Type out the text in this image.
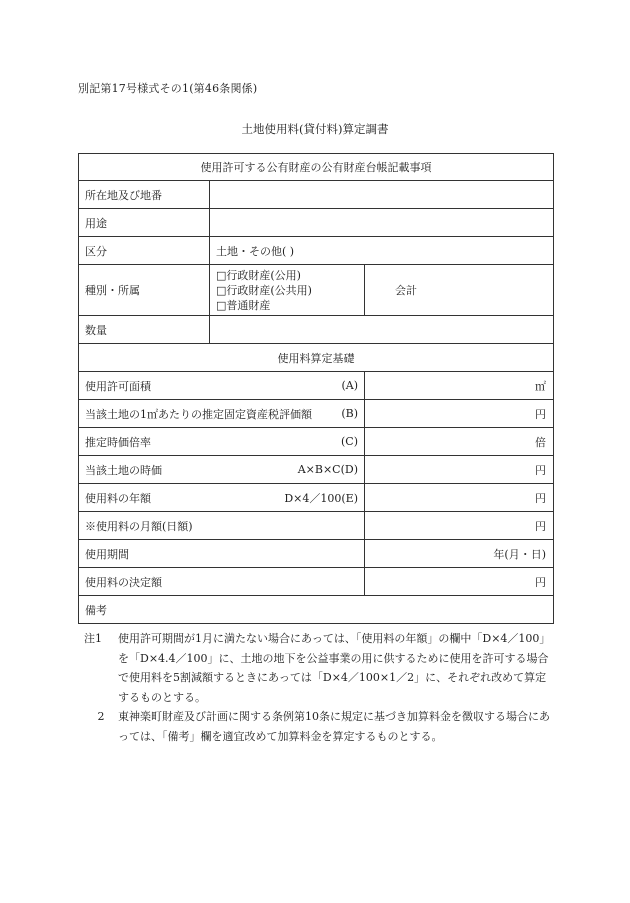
別記第17号様式その1(第46条関係)
土地使用料(貸付料)算定調書
使用許可する公有財産の公有財産台帳記載事項		
所在地及び地番		
用途		
区分	土地・その他( )	
種別・所属	□行政財産(公用)
□行政財産(公共用)
□普通財産	会計
数量		
使用料算定基礎		

使用許可面積 (A)		㎡

当該土地の1㎡あたりの推定固定資産税評価額 (B)		円

推定時価倍率 (C)		倍

当該土地の時価 A×B×C(D)		円

使用料の年額 D×4／100(E)		円

※使用料の月額(日額)		円

使用期間		年(月・日)

使用料の決定額		円
備考		
注1	使用許可期間が1月に満たない場合にあっては、「使用料の年額」の欄中「D×4／100」を「D×4.4／100」に、土地の地下を公益事業の用に供するために使用を許可する場合で使用料を5割減額するときにあっては「D×4／100×1／2」に、それぞれ改めて算定するものとする。
2	東神楽町財産及び計画に関する条例第10条に規定に基づき加算料金を徴収する場合にあっては、「備考」欄を適宜改めて加算料金を算定するものとする。
